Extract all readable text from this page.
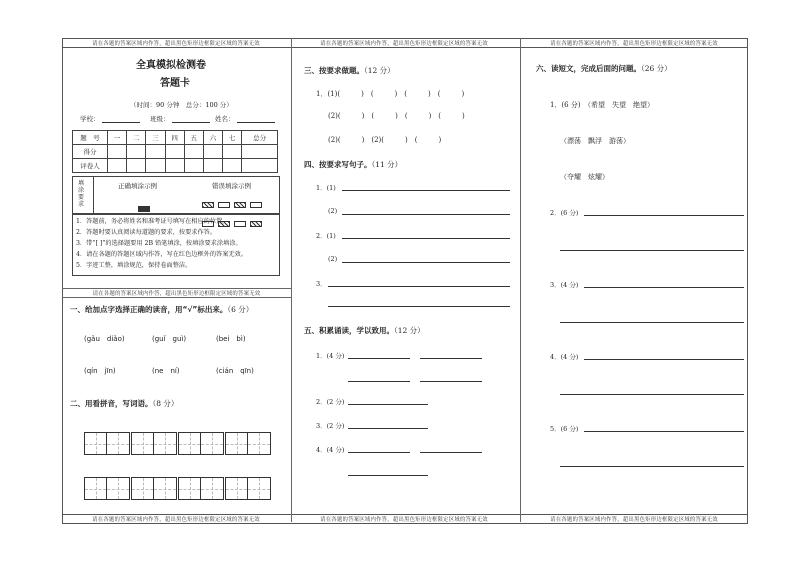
请在各题的答案区域内作答，超出黑色矩形边框限定区域的答案无效	请在各题的答案区域内作答，超出黑色矩形边框限定区域的答案无效	请在各题的答案区域内作答，超出黑色矩形边框限定区域的答案无效
请在各题的答案区域内作答，超出黑色矩形边框限定区域的答案无效	请在各题的答案区域内作答，超出黑色矩形边框限定区域的答案无效	请在各题的答案区域内作答，超出黑色矩形边框限定区域的答案无效
全真模拟检测卷
答题卡
（时间：90 分钟　总分：100 分）
学校：	班级：	姓名：
题　号	一	二	三	四	五	六	七	总分
得分								
评卷人								
填涂要求
正确填涂示例	错误填涂示例

1．答题前，务必将姓名和准考证号填写在相应的位置。
2．答题时要认真阅读每道题的要求，按要求作答。
3．带“[ ]”的选择题要用 2B 铅笔填涂，按填涂要求涂填涂。
4．请在各题的答题区域内作答，写在红色边框外的答案无效。
5．字迹工整，填涂规范，保持卷面整洁。
请在各题的答案区域内作答，超出黑色矩形边框限定区域的答案无效
一、给加点字选择正确的读音，用“√”标出来。（6 分）
(gǎu　diǎo)	(guǐ　guì)	(bei　bì)
(qín　jīn)	(ne　ní)	(cián　qīn)
二、用看拼音，写词语。（8 分）
三、按要求做题。（12 分）
1．(1)(　　　)　(　　　)　(　　　)　(　　　)
(2)(　　　)　(　　　)　(　　　)　(　　　)
(2)(　　　)　(2)(　　　)　(　　　)
四、按要求写句子。（11 分）
1．(1)
(2)
2．(1)
(2)
3．
五、积累诵读，学以致用。（12 分）
1．(4 分)
2．(2 分)
3．(2 分)
4．(4 分)
六、读短文，完成后面的问题。（26 分）
1．(6 分) （希望　失望　绝望）
（漂荡　飘浮　游荡）
（夺耀　炫耀）
2．(6 分)
3．(4 分)
4．(4 分)
5．(6 分)
